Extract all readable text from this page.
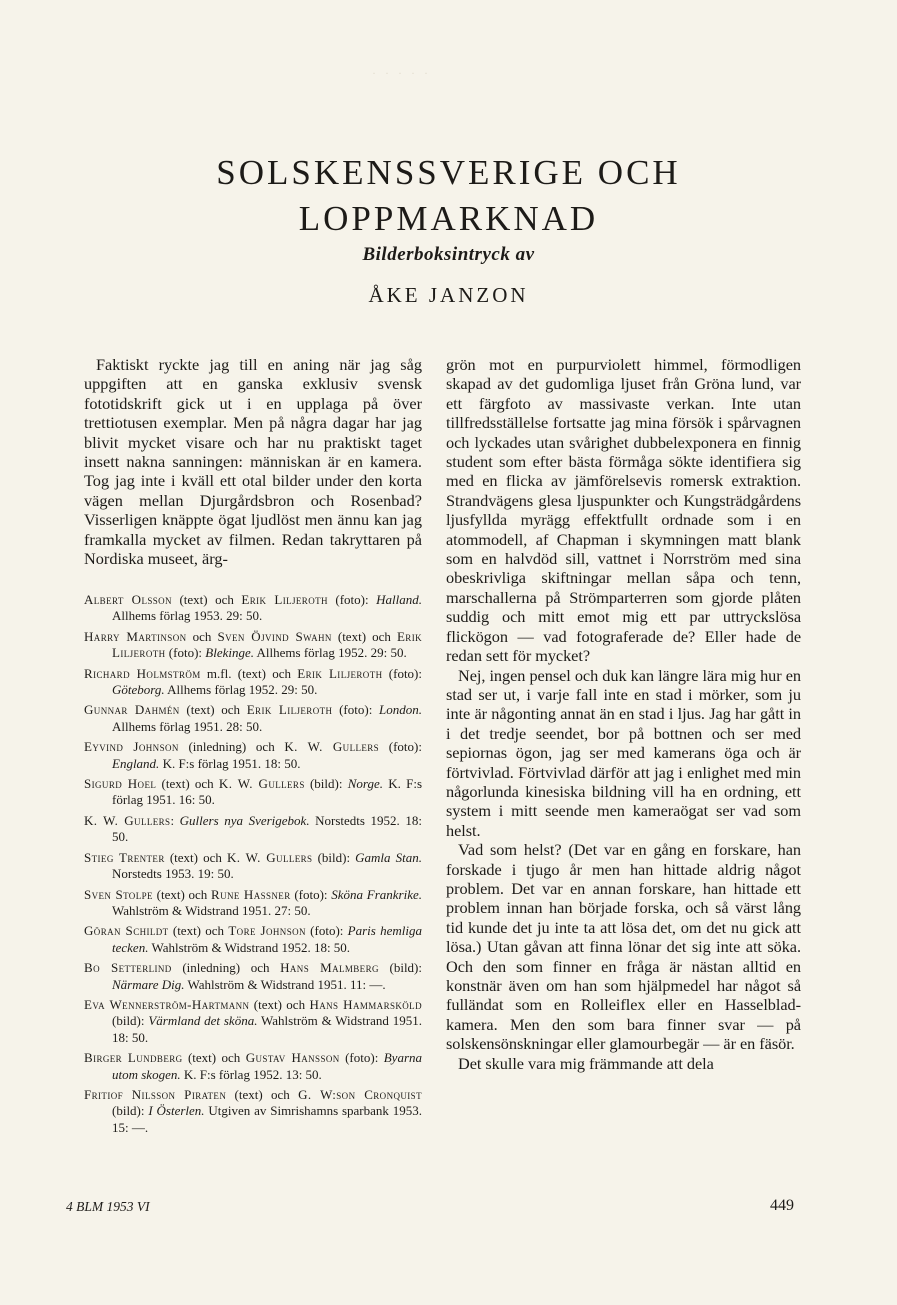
· · · · ·
SOLSKENSSVERIGE OCH
LOPPMARKNAD
Bilderboksintryck av
ÅKE JANZON

Faktiskt ryckte jag till en aning när jag såg uppgiften att en ganska exklusiv svensk fototidskrift gick ut i en upplaga på över trettiotusen exemplar. Men på några dagar har jag blivit mycket visare och har nu praktiskt taget insett nakna sanningen: människan är en kamera. Tog jag inte i kväll ett otal bilder under den korta vägen mellan Djurgårdsbron och Rosenbad? Visserligen knäppte ögat ljudlöst men ännu kan jag framkalla mycket av filmen. Redan takryttaren på Nordiska museet, ärg-

Albert Olsson (text) och Erik Liljeroth (foto): Halland. Allhems förlag 1953. 29: 50.

Harry Martinson och Sven Öjvind Swahn (text) och Erik Liljeroth (foto): Blekinge. Allhems förlag 1952. 29: 50.

Richard Holmström m.fl. (text) och Erik Liljeroth (foto): Göteborg. Allhems förlag 1952. 29: 50.

Gunnar Dahmén (text) och Erik Liljeroth (foto): London. Allhems förlag 1951. 28: 50.

Eyvind Johnson (inledning) och K. W. Gullers (foto): England. K. F:s förlag 1951. 18: 50.

Sigurd Hoel (text) och K. W. Gullers (bild): Norge. K. F:s förlag 1951. 16: 50.

K. W. Gullers: Gullers nya Sverigebok. Norstedts 1952. 18: 50.

Stieg Trenter (text) och K. W. Gullers (bild): Gamla Stan. Norstedts 1953. 19: 50.

Sven Stolpe (text) och Rune Hassner (foto): Sköna Frankrike. Wahlström & Widstrand 1951. 27: 50.

Göran Schildt (text) och Tore Johnson (foto): Paris hemliga tecken. Wahlström & Widstrand 1952. 18: 50.

Bo Setterlind (inledning) och Hans Malmberg (bild): Närmare Dig. Wahlström & Widstrand 1951. 11: —.

Eva Wennerström-Hartmann (text) och Hans Hammarsköld (bild): Värmland det sköna. Wahlström & Widstrand 1951. 18: 50.

Birger Lundberg (text) och Gustav Hansson (foto): Byarna utom skogen. K. F:s förlag 1952. 13: 50.

Fritiof Nilsson Piraten (text) och G. W:son Cronquist (bild): I Österlen. Utgiven av Simrishamns sparbank 1953. 15: —.

grön mot en purpurviolett himmel, förmodligen skapad av det gudomliga ljuset från Gröna lund, var ett färgfoto av massivaste verkan. Inte utan tillfredsställelse fortsatte jag mina försök i spårvagnen och lyckades utan svårighet dubbelexponera en finnig student som efter bästa förmåga sökte identifiera sig med en flicka av jämförelsevis romersk extraktion. Strandvägens glesa ljuspunkter och Kungsträdgårdens ljusfyllda myrägg effektfullt ordnade som i en atommodell, af Chapman i skymningen matt blank som en halvdöd sill, vattnet i Norrström med sina obeskrivliga skiftningar mellan såpa och tenn, marschallerna på Strömparterren som gjorde plåten suddig och mitt emot mig ett par uttryckslösa flickögon — vad fotograferade de? Eller hade de redan sett för mycket?

Nej, ingen pensel och duk kan längre lära mig hur en stad ser ut, i varje fall inte en stad i mörker, som ju inte är någonting annat än en stad i ljus. Jag har gått in i det tredje seendet, bor på bottnen och ser med sepiornas ögon, jag ser med kamerans öga och är förtvivlad. Förtvivlad därför att jag i enlighet med min någorlunda kinesiska bildning vill ha en ordning, ett system i mitt seende men kameraögat ser vad som helst.

Vad som helst? (Det var en gång en forskare, han forskade i tjugo år men han hittade aldrig något problem. Det var en annan forskare, han hittade ett problem innan han började forska, och så värst lång tid kunde det ju inte ta att lösa det, om det nu gick att lösa.) Utan gåvan att finna lönar det sig inte att söka. Och den som finner en fråga är nästan alltid en konstnär även om han som hjälpmedel har något så fulländat som en Rolleiflex eller en Hasselblad-kamera. Men den som bara finner svar — på solskensönskningar eller glamourbegär — är en fäsör.

Det skulle vara mig främmande att dela

4 BLM 1953 VI	449
